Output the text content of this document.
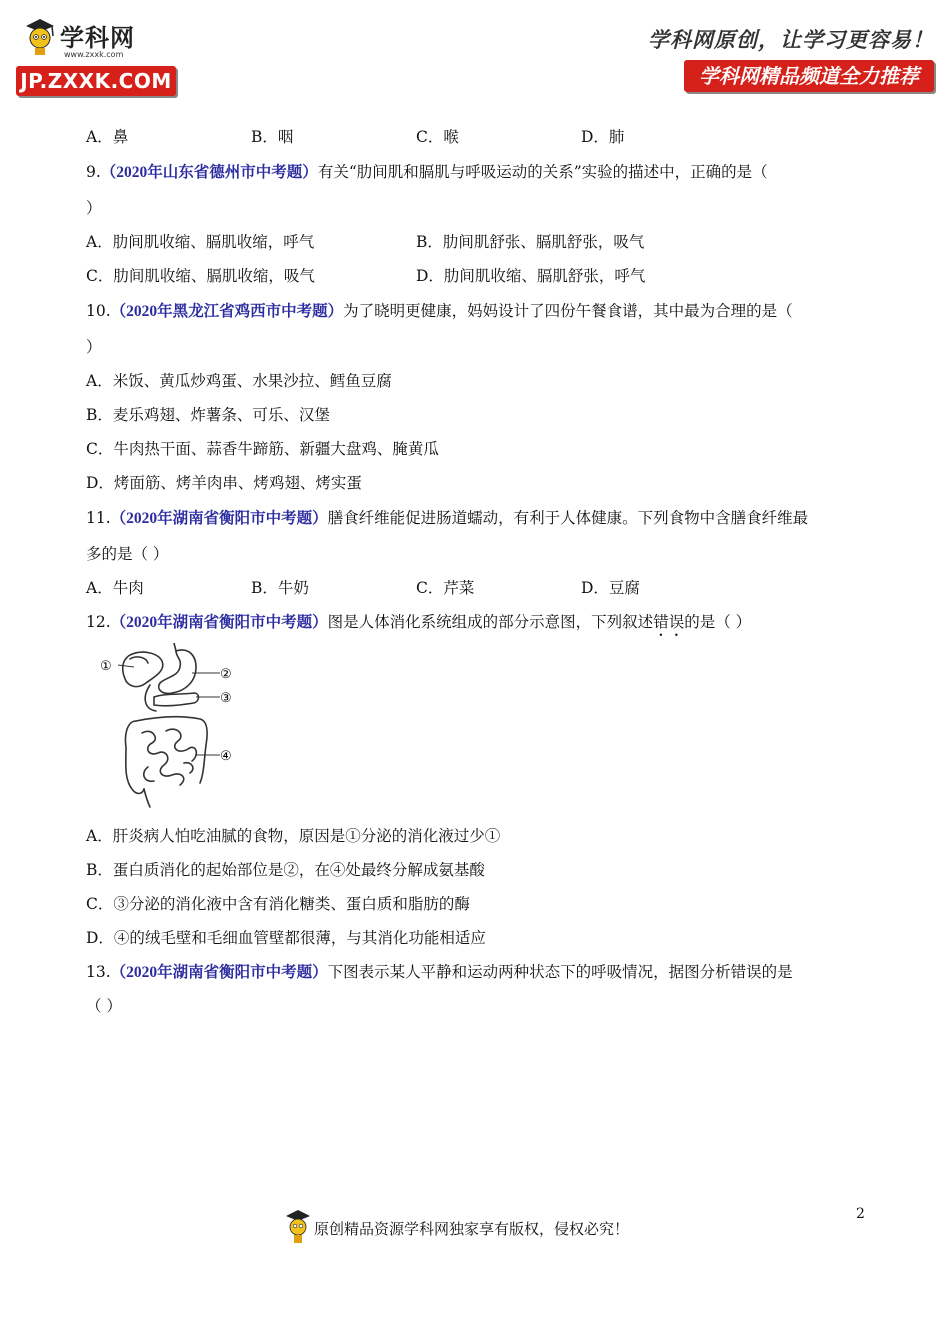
学科网
www.zxxk.com
JP.ZXXK.COM
学科网原创，让学习更容易！
学科网精品频道全力推荐
A．鼻	B．咽	C．喉	D．肺
9.（2020年山东省德州市中考题）有关“肋间肌和膈肌与呼吸运动的关系”实验的描述中，正确的是（
）
A．肋间肌收缩、膈肌收缩，呼气	B．肋间肌舒张、膈肌舒张，吸气
C．肋间肌收缩、膈肌收缩，吸气	D．肋间肌收缩、膈肌舒张，呼气
10.（2020年黑龙江省鸡西市中考题）为了晓明更健康，妈妈设计了四份午餐食谱，其中最为合理的是（
）
A．米饭、黄瓜炒鸡蛋、水果沙拉、鳕鱼豆腐
B．麦乐鸡翅、炸薯条、可乐、汉堡
C．牛肉热干面、蒜香牛蹄筋、新疆大盘鸡、腌黄瓜
D．烤面筋、烤羊肉串、烤鸡翅、烤实蛋
11.（2020年湖南省衡阳市中考题）膳食纤维能促进肠道蠕动，有利于人体健康。下列食物中含膳食纤维最
多的是（ ）
A．牛肉	B．牛奶	C．芹菜	D．豆腐
12.（2020年湖南省衡阳市中考题）图是人体消化系统组成的部分示意图，下列叙述错误的是（ ）
①
②
③
④
A．肝炎病人怕吃油腻的食物，原因是①分泌的消化液过少①
B．蛋白质消化的起始部位是②，在④处最终分解成氨基酸
C．③分泌的消化液中含有消化糖类、蛋白质和脂肪的酶
D．④的绒毛壁和毛细血管壁都很薄，与其消化功能相适应
13.（2020年湖南省衡阳市中考题）下图表示某人平静和运动两种状态下的呼吸情况，据图分析错误的是
（ ）
原创精品资源学科网独家享有版权，侵权必究！
2
